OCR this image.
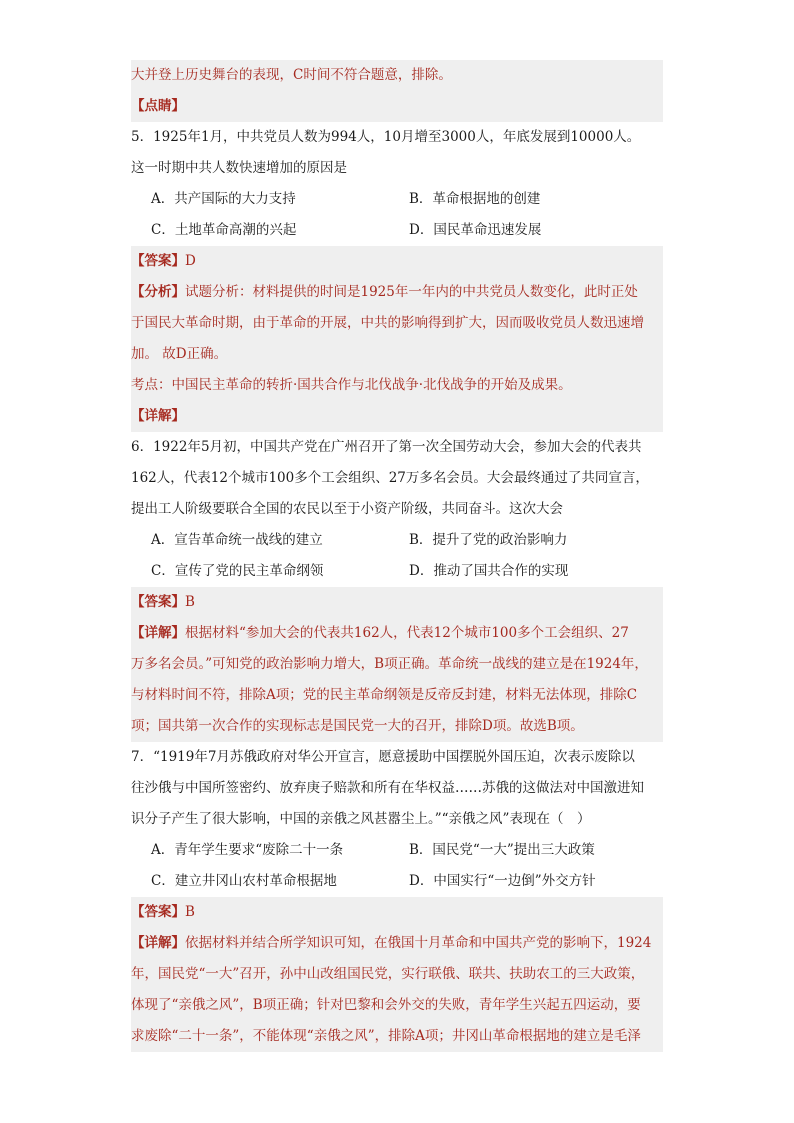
大并登上历史舞台的表现，C时间不符合题意，排除。
【点睛】
5．1925年1月，中共党员人数为994人，10月增至3000人，年底发展到10000人。
这一时期中共人数快速增加的原因是
A．共产国际的大力支持	B．革命根据地的创建
C．土地革命高潮的兴起	D．国民革命迅速发展
【答案】D
【分析】试题分析：材料提供的时间是1925年一年内的中共党员人数变化，此时正处
于国民大革命时期，由于革命的开展，中共的影响得到扩大，因而吸收党员人数迅速增
加。 故D正确。
考点：中国民主革命的转折·国共合作与北伐战争·北伐战争的开始及成果。
【详解】
6．1922年5月初，中国共产党在广州召开了第一次全国劳动大会，参加大会的代表共
162人，代表12个城市100多个工会组织、27万多名会员。大会最终通过了共同宣言，
提出工人阶级要联合全国的农民以至于小资产阶级，共同奋斗。这次大会
A．宣告革命统一战线的建立	B．提升了党的政治影响力
C．宣传了党的民主革命纲领	D．推动了国共合作的实现
【答案】B
【详解】根据材料“参加大会的代表共162人，代表12个城市100多个工会组织、27
万多名会员。”可知党的政治影响力增大，B项正确。革命统一战线的建立是在1924年，
与材料时间不符，排除A项；党的民主革命纲领是反帝反封建，材料无法体现，排除C
项；国共第一次合作的实现标志是国民党一大的召开，排除D项。故选B项。
7．“1919年7月苏俄政府对华公开宣言，愿意援助中国摆脱外国压迫，次表示废除以
往沙俄与中国所签密约、放弃庚子赔款和所有在华权益……苏俄的这做法对中国激进知
识分子产生了很大影响，中国的亲俄之风甚嚣尘上。”“亲俄之风”表现在（　）
A．青年学生要求“废除二十一条	B．国民党“一大”提出三大政策
C．建立井冈山农村革命根据地	D．中国实行“一边倒”外交方针
【答案】B
【详解】依据材料并结合所学知识可知，在俄国十月革命和中国共产党的影响下，1924
年，国民党“一大”召开，孙中山改组国民党，实行联俄、联共、扶助农工的三大政策，
体现了“亲俄之风”，B项正确；针对巴黎和会外交的失败，青年学生兴起五四运动，要
求废除“二十一条”，不能体现“亲俄之风”，排除A项；井冈山革命根据地的建立是毛泽
